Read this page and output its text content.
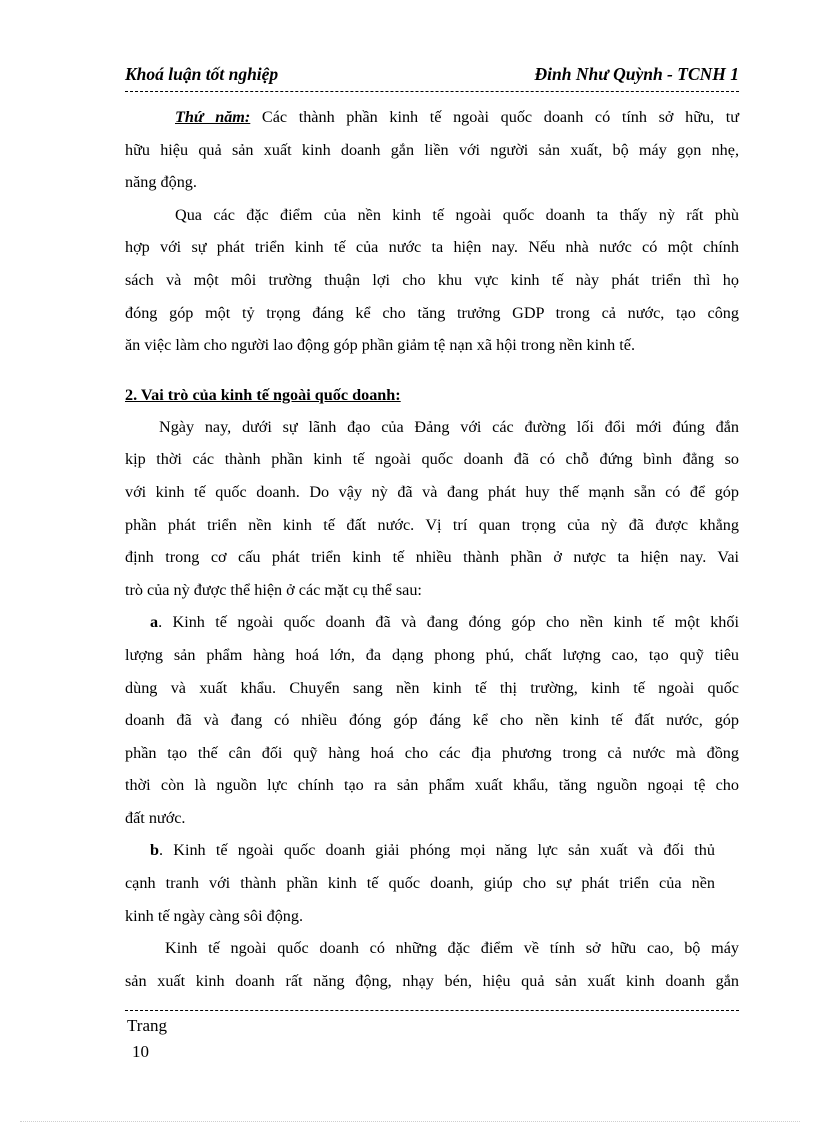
Khoá luận tốt nghiệp	Đinh Như Quỳnh - TCNH 1

Thứ năm: Các thành phần kinh tế ngoài quốc doanh có tính sở hữu, tư
hữu hiệu quả sản xuất kinh doanh gắn liền với người sản xuất, bộ máy gọn nhẹ,
năng động.

Qua các đặc điểm của nền kinh tế ngoài quốc doanh ta thấy nỳ rất phù
hợp với sự phát triển kinh tế của nước ta hiện nay. Nếu nhà nước có một chính
sách và một môi trường thuận lợi cho khu vực kinh tế này phát triển thì họ
đóng góp một tỷ trọng đáng kể cho tăng trưởng GDP trong cả nước, tạo công
ăn việc làm cho người lao động góp phần giảm tệ nạn xã hội trong nền kinh tế.

2. Vai trò của kinh tế ngoài quốc doanh:

Ngày nay, dưới sự lãnh đạo của Đảng với các đường lối đổi mới đúng đắn
kịp thời các thành phần kinh tế ngoài quốc doanh đã có chỗ đứng bình đẳng so
với kinh tế quốc doanh. Do vậy nỳ đã và đang phát huy thế mạnh sẵn có để góp
phần phát triển nền kinh tế đất nước. Vị trí quan trọng của nỳ đã được khẳng
định trong cơ cấu phát triển kinh tế nhiều thành phần ở nược ta hiện nay. Vai
trò của nỳ được thể hiện ở các mặt cụ thể sau:

a. Kinh tế ngoài quốc doanh đã và đang đóng góp cho nền kinh tế một khối
lượng sản phẩm hàng hoá lớn, đa dạng phong phú, chất lượng cao, tạo quỹ tiêu
dùng và xuất khẩu. Chuyển sang nền kinh tế thị trường, kinh tế ngoài quốc
doanh đã và đang có nhiều đóng góp đáng kể cho nền kinh tế đất nước, góp
phần tạo thế cân đối quỹ hàng hoá cho các địa phương trong cả nước mà đồng
thời còn là nguồn lực chính tạo ra sản phẩm xuất khẩu, tăng nguồn ngoại tệ cho
đất nước.

b. Kinh tế ngoài quốc doanh giải phóng mọi năng lực sản xuất và đối thủ
cạnh tranh với thành phần kinh tế quốc doanh, giúp cho sự phát triển của nền
kinh tế ngày càng sôi động.

Kinh tế ngoài quốc doanh có những đặc điểm về tính sở hữu cao, bộ máy
sản xuất kinh doanh rất năng động, nhạy bén, hiệu quả sản xuất kinh doanh gắn

Trang
10
